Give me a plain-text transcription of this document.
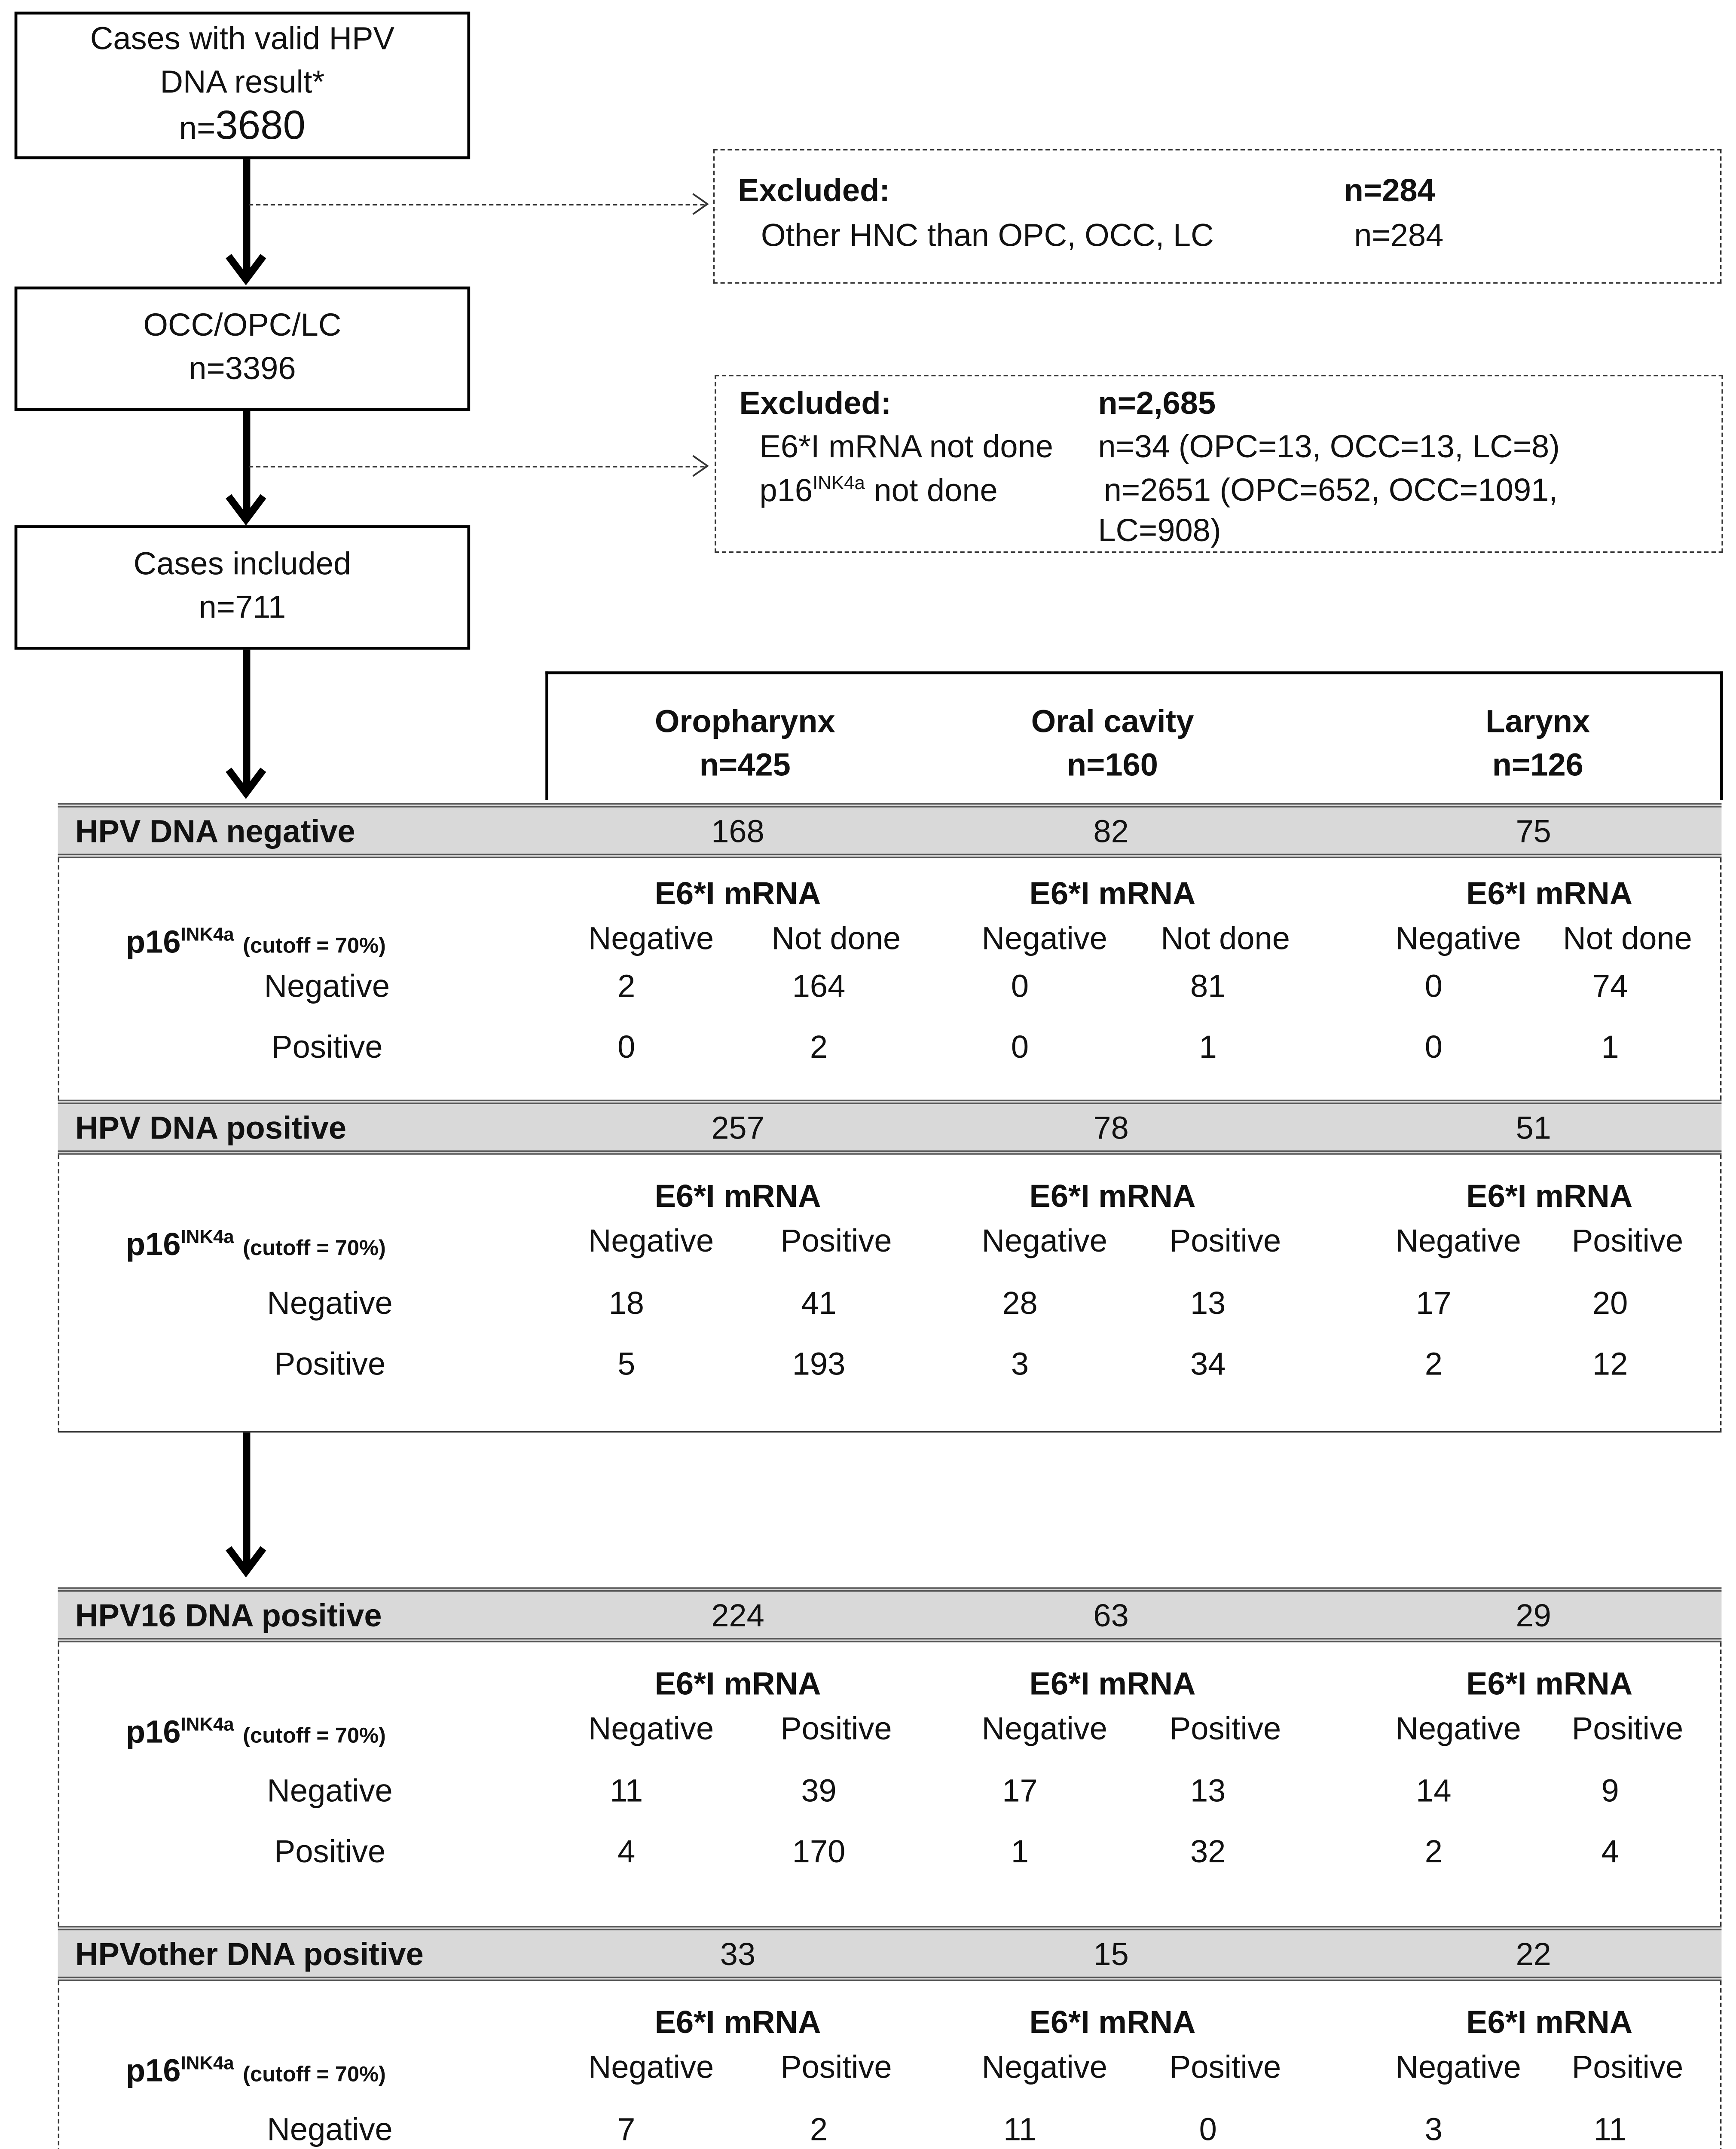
Cases with valid HPV
DNA result*
n=3680
Excluded:	n=284
Other HNC than OPC, OCC, LC	n=284
OCC/OPC/LC
n=3396
Excluded:	n=2,685
E6*I mRNA not done	n=34 (OPC=13, OCC=13, LC=8)
$p16^{INK4a}$ not done	n=2651 (OPC=652, OCC=1091,
LC=908)
Cases included
n=711
Oropharynx
n=425
Oral cavity
n=160
Larynx
n=126
HPV DNA negative	168	82	75
E6*I mRNA	E6*I mRNA	E6*I mRNA
$p16^{INK4a}$ (cutoff = 70%)	Negative	Not done	Negative	Not done	Negative	Not done
Negative	2	164	0	81	0	74
Positive	0	2	0	1	0	1
HPV DNA positive	257	78	51
E6*I mRNA	E6*I mRNA	E6*I mRNA
$p16^{INK4a}$ (cutoff = 70%)	Negative	Positive	Negative	Positive	Negative	Positive
Negative	18	41	28	13	17	20
Positive	5	193	3	34	2	12
HPV16 DNA positive	224	63	29
E6*I mRNA	E6*I mRNA	E6*I mRNA
$p16^{INK4a}$ (cutoff = 70%)	Negative	Positive	Negative	Positive	Negative	Positive
Negative	11	39	17	13	14	9
Positive	4	170	1	32	2	4
HPVother DNA positive	33	15	22
E6*I mRNA	E6*I mRNA	E6*I mRNA
$p16^{INK4a}$ (cutoff = 70%)	Negative	Positive	Negative	Positive	Negative	Positive
Negative	7	2	11	0	3	11
